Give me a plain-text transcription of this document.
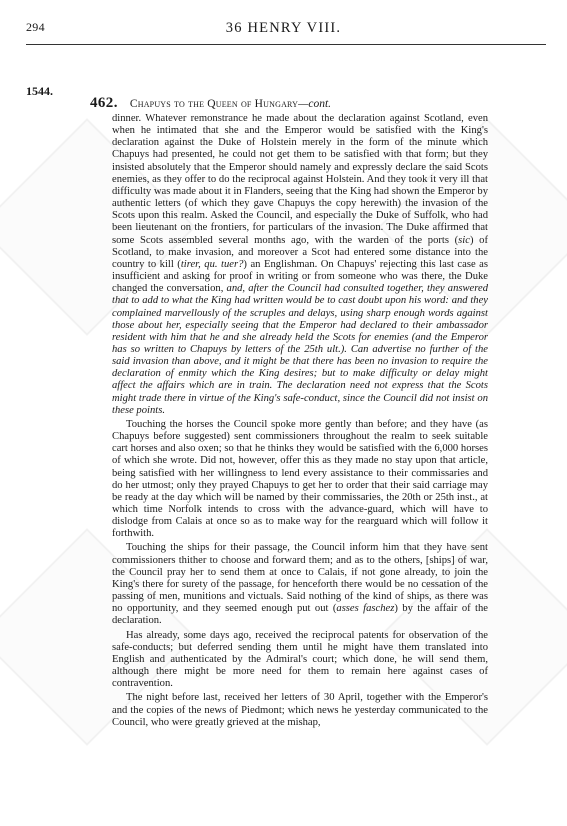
294	36 HENRY VIII.
1544.
462. Chapuys to the Queen of Hungary—cont.

dinner. Whatever remonstrance he made about the declaration against Scotland, even when he intimated that she and the Emperor would be satisfied with the King's declaration against the Duke of Holstein merely in the form of the minute which Chapuys had presented, he could not get them to be satisfied with that form; but they insisted absolutely that the Emperor should namely and expressly declare the said Scots enemies, as they offer to do the reciprocal against Holstein. And they took it very ill that difficulty was made about it in Flanders, seeing that the King had shown the Emperor by authentic letters (of which they gave Chapuys the copy herewith) the invasion of the Scots upon this realm. Asked the Council, and especially the Duke of Suffolk, who had been lieutenant on the frontiers, for particulars of the invasion. The Duke affirmed that some Scots assembled several months ago, with the warden of the ports (sic) of Scotland, to make invasion, and moreover a Scot had entered some distance into the country to kill (tirer, qu. tuer?) an Englishman. On Chapuys' rejecting this last case as insufficient and asking for proof in writing or from someone who was there, the Duke changed the conversation, and, after the Council had consulted together, they answered that to add to what the King had written would be to cast doubt upon his word: and they complained marvellously of the scruples and delays, using sharp enough words against those about her, especially seeing that the Emperor had declared to their ambassador resident with him that he and she already held the Scots for enemies (and the Emperor has so written to Chapuys by letters of the 25th ult.). Can advertise no further of the said invasion than above, and it might be that there has been no invasion to require the declaration of enmity which the King desires; but to make difficulty or delay might affect the affairs which are in train. The declaration need not express that the Scots might trade there in virtue of the King's safe-conduct, since the Council did not insist on these points.

Touching the horses the Council spoke more gently than before; and they have (as Chapuys before suggested) sent commissioners throughout the realm to seek suitable cart horses and also oxen; so that he thinks they would be satisfied with the 6,000 horses of which she wrote. Did not, however, offer this as they made no stay upon that article, being satisfied with her willingness to lend every assistance to their commissaries and do her utmost; only they prayed Chapuys to get her to order that their said carriage may be ready at the day which will be named by their commissaries, the 20th or 25th inst., at which time Norfolk intends to cross with the advance-guard, which will have to dislodge from Calais at once so as to make way for the rearguard which will follow it forthwith.

Touching the ships for their passage, the Council inform him that they have sent commissioners thither to choose and forward them; and as to the others, [ships] of war, the Council pray her to send them at once to Calais, if not gone already, to join the King's there for surety of the passage, for henceforth there would be no cessation of the passing of men, munitions and victuals. Said nothing of the kind of ships, as there was no opportunity, and they seemed enough put out (asses faschez) by the affair of the declaration.

Has already, some days ago, received the reciprocal patents for observation of the safe-conducts; but deferred sending them until he might have them translated into English and authenticated by the Admiral's court; which done, he will send them, although there might be more need for them to remain here against cases of contravention.

The night before last, received her letters of 30 April, together with the Emperor's and the copies of the news of Piedmont; which news he yesterday communicated to the Council, who were greatly grieved at the mishap,
